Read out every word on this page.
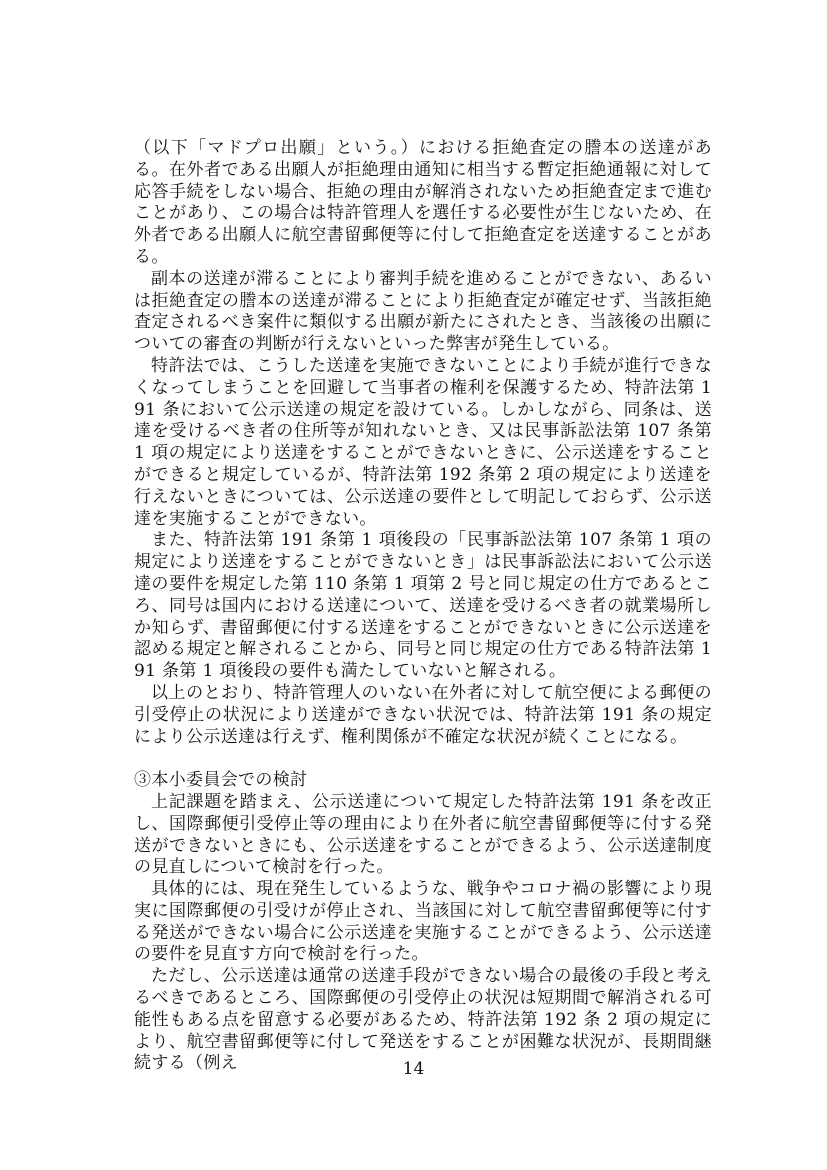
（以下「マドプロ出願」という。）における拒絶査定の謄本の送達がある。在外者である出願人が拒絶理由通知に相当する暫定拒絶通報に対して応答手続をしない場合、拒絶の理由が解消されないため拒絶査定まで進むことがあり、この場合は特許管理人を選任する必要性が生じないため、在外者である出願人に航空書留郵便等に付して拒絶査定を送達することがある。

副本の送達が滞ることにより審判手続を進めることができない、あるいは拒絶査定の謄本の送達が滞ることにより拒絶査定が確定せず、当該拒絶査定されるべき案件に類似する出願が新たにされたとき、当該後の出願についての審査の判断が行えないといった弊害が発生している。

特許法では、こうした送達を実施できないことにより手続が進行できなくなってしまうことを回避して当事者の権利を保護するため、特許法第 191 条において公示送達の規定を設けている。しかしながら、同条は、送達を受けるべき者の住所等が知れないとき、又は民事訴訟法第 107 条第 1 項の規定により送達をすることができないときに、公示送達をすることができると規定しているが、特許法第 192 条第 2 項の規定により送達を行えないときについては、公示送達の要件として明記しておらず、公示送達を実施することができない。

また、特許法第 191 条第 1 項後段の「民事訴訟法第 107 条第 1 項の規定により送達をすることができないとき」は民事訴訟法において公示送達の要件を規定した第 110 条第 1 項第 2 号と同じ規定の仕方であるところ、同号は国内における送達について、送達を受けるべき者の就業場所しか知らず、書留郵便に付する送達をすることができないときに公示送達を認める規定と解されることから、同号と同じ規定の仕方である特許法第 191 条第 1 項後段の要件も満たしていないと解される。

以上のとおり、特許管理人のいない在外者に対して航空便による郵便の引受停止の状況により送達ができない状況では、特許法第 191 条の規定により公示送達は行えず、権利関係が不確定な状況が続くことになる。

③本小委員会での検討

上記課題を踏まえ、公示送達について規定した特許法第 191 条を改正し、国際郵便引受停止等の理由により在外者に航空書留郵便等に付する発送ができないときにも、公示送達をすることができるよう、公示送達制度の見直しについて検討を行った。

具体的には、現在発生しているような、戦争やコロナ禍の影響により現実に国際郵便の引受けが停止され、当該国に対して航空書留郵便等に付する発送ができない場合に公示送達を実施することができるよう、公示送達の要件を見直す方向で検討を行った。

ただし、公示送達は通常の送達手段ができない場合の最後の手段と考えるべきであるところ、国際郵便の引受停止の状況は短期間で解消される可能性もある点を留意する必要があるため、特許法第 192 条 2 項の規定により、航空書留郵便等に付して発送をすることが困難な状況が、長期間継続する（例え	14
